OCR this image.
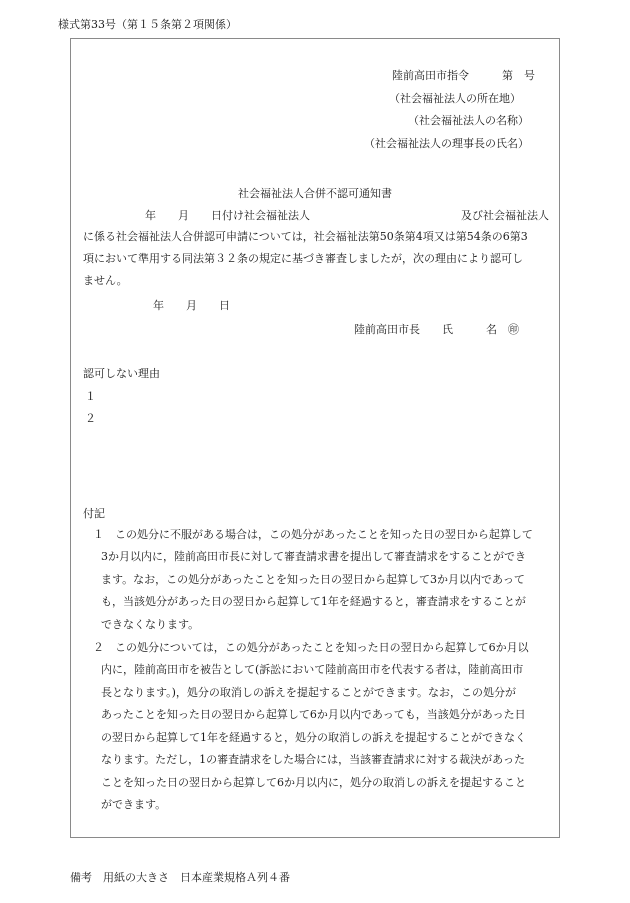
様式第33号（第１５条第２項関係）
陸前高田市指令　　　第　号
（社会福祉法人の所在地）
（社会福祉法人の名称）
（社会福祉法人の理事長の氏名）
社会福祉法人合併不認可通知書
年　　月　　日付け社会福祉法人	及び社会福祉法人
に係る社会福祉法人合併認可申請については，社会福祉法第50条第4項又は第54条の6第3
項において準用する同法第３２条の規定に基づき審査しましたが，次の理由により認可し
ません。
年　　月　　日
陸前高田市長　　氏　　　名　㊞
認可しない理由
１
２
付記
１　この処分に不服がある場合は，この処分があったことを知った日の翌日から起算して
3か月以内に，陸前高田市長に対して審査請求書を提出して審査請求をすることができ
ます。なお，この処分があったことを知った日の翌日から起算して3か月以内であって
も，当該処分があった日の翌日から起算して1年を経過すると，審査請求をすることが
できなくなります。
２　この処分については，この処分があったことを知った日の翌日から起算して6か月以
内に，陸前高田市を被告として(訴訟において陸前高田市を代表する者は，陸前高田市
長となります。)，処分の取消しの訴えを提起することができます。なお，この処分が
あったことを知った日の翌日から起算して6か月以内であっても，当該処分があった日
の翌日から起算して1年を経過すると，処分の取消しの訴えを提起することができなく
なります。ただし，1の審査請求をした場合には，当該審査請求に対する裁決があった
ことを知った日の翌日から起算して6か月以内に，処分の取消しの訴えを提起すること
ができます。
備考　用紙の大きさ　日本産業規格Ａ列４番
